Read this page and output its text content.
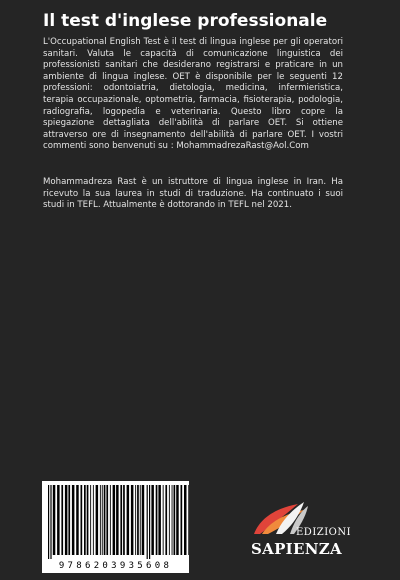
Il test d'inglese professionale

L'Occupational English Test è il test di lingua inglese per gli operatori sanitari. Valuta le capacità di comunicazione linguistica dei professionisti sanitari che desiderano registrarsi e praticare in un ambiente di lingua inglese. OET è disponibile per le seguenti 12 professioni: odontoiatria, dietologia, medicina, infermieristica, terapia occupazionale, optometria, farmacia, fisioterapia, podologia, radiografia, logopedia e veterinaria. Questo libro copre la spiegazione dettagliata dell'abilità di parlare OET. Si ottiene attraverso ore di insegnamento dell'abilità di parlare OET. I vostri commenti sono benvenuti su : MohammadrezaRast@Aol.Com

Mohammadreza Rast è un istruttore di lingua inglese in Iran. Ha ricevuto la sua laurea in studi di traduzione. Ha continuato i suoi studi in TEFL. Attualmente è dottorando in TEFL nel 2021.

9786203935608
EDIZIONI
SAPIENZA
